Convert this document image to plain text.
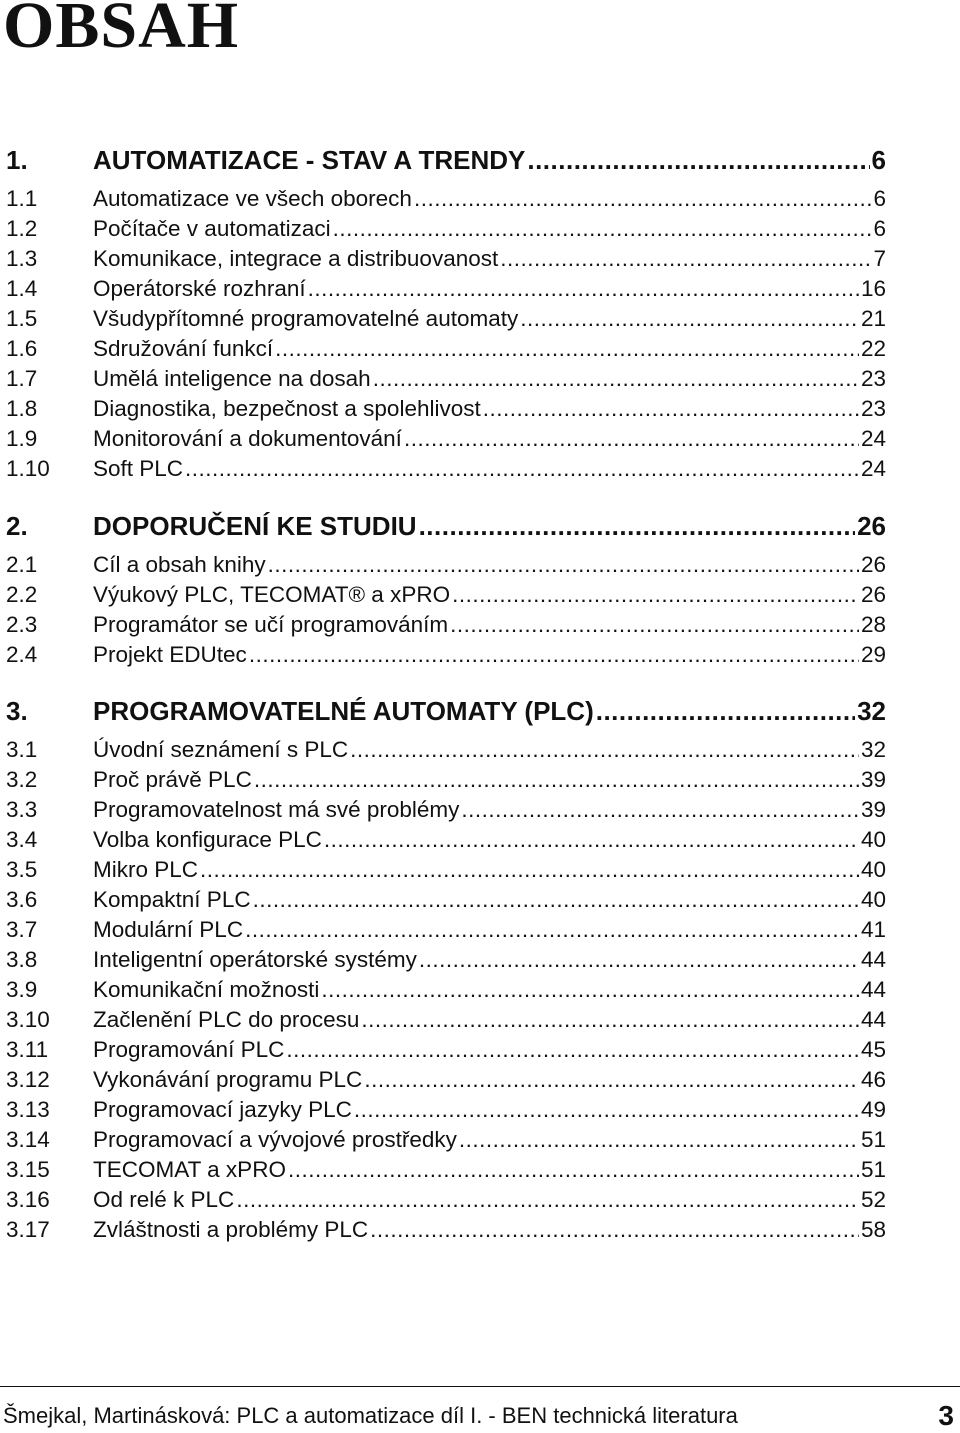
OBSAH
1.	AUTOMATIZACE - STAV A TRENDY .....	6
1.1	Automatizace ve všech oborech .....	6
1.2	Počítače v automatizaci .....	6
1.3	Komunikace, integrace a distribuovanost .....	7
1.4	Operátorské rozhraní .....	16
1.5	Všudypřítomné programovatelné automaty .....	21
1.6	Sdružování funkcí .....	22
1.7	Umělá inteligence na dosah .....	23
1.8	Diagnostika, bezpečnost a spolehlivost .....	23
1.9	Monitorování a dokumentování .....	24
1.10	Soft PLC .....	24
2.	DOPORUČENÍ KE STUDIU .....	26
2.1	Cíl a obsah knihy .....	26
2.2	Výukový PLC, TECOMAT® a xPRO .....	26
2.3	Programátor se učí programováním .....	28
2.4	Projekt EDUtec .....	29
3.	PROGRAMOVATELNÉ AUTOMATY (PLC) .....	32
3.1	Úvodní seznámení s PLC .....	32
3.2	Proč právě PLC .....	39
3.3	Programovatelnost má své problémy .....	39
3.4	Volba konfigurace PLC .....	40
3.5	Mikro PLC .....	40
3.6	Kompaktní PLC .....	40
3.7	Modulární PLC .....	41
3.8	Inteligentní operátorské systémy .....	44
3.9	Komunikační možnosti .....	44
3.10	Začlenění PLC do procesu .....	44
3.11	Programování PLC .....	45
3.12	Vykonávání programu PLC .....	46
3.13	Programovací jazyky PLC .....	49
3.14	Programovací a vývojové prostředky .....	51
3.15	TECOMAT a xPRO .....	51
3.16	Od relé k PLC .....	52
3.17	Zvláštnosti a problémy PLC .....	58
Šmejkal, Martinásková: PLC a automatizace díl I. - BEN technická literatura	3
